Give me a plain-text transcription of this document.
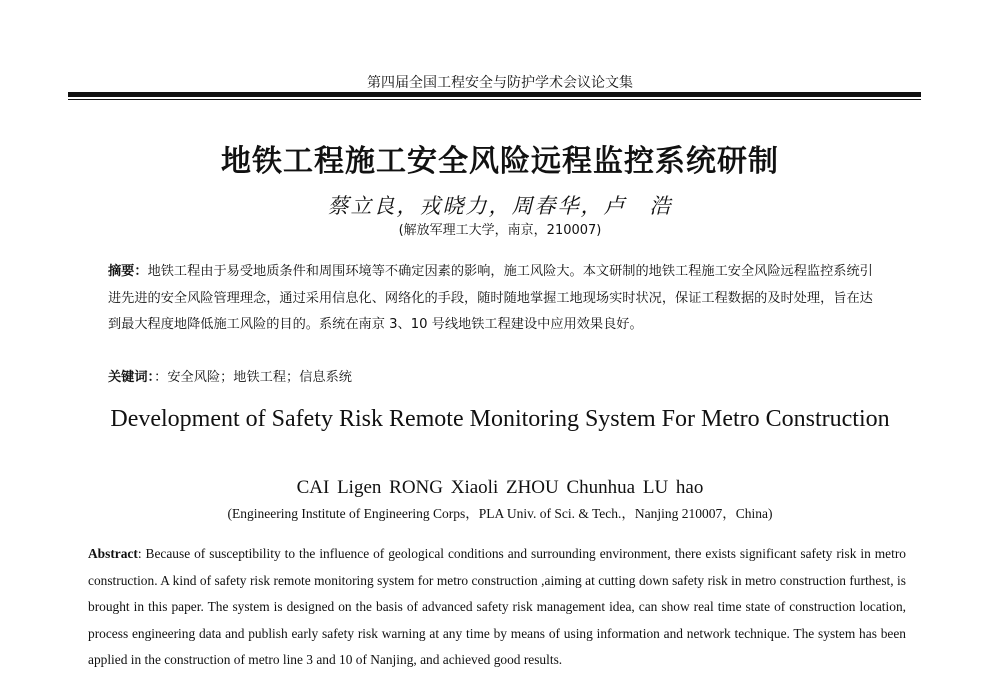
第四届全国工程安全与防护学术会议论文集
地铁工程施工安全风险远程监控系统研制
蔡立良，戎晓力，周春华，卢　浩
(解放军理工大学，南京，210007)
摘要：地铁工程由于易受地质条件和周围环境等不确定因素的影响，施工风险大。本文研制的地铁工程施工安全风险远程监控系统引进先进的安全风险管理理念，通过采用信息化、网络化的手段，随时随地掌握工地现场实时状况，保证工程数据的及时处理，旨在达到最大程度地降低施工风险的目的。系统在南京 3、10 号线地铁工程建设中应用效果良好。
关键词：：安全风险；地铁工程；信息系统
Development of Safety Risk Remote Monitoring System For Metro Construction
CAI Ligen RONG Xiaoli ZHOU Chunhua LU hao
(Engineering Institute of Engineering Corps，PLA Univ. of Sci. & Tech.，Nanjing 210007，China)
Abstract: Because of susceptibility to the influence of geological conditions and surrounding environment, there exists significant safety risk in metro construction. A kind of safety risk remote monitoring system for metro construction ,aiming at cutting down safety risk in metro construction furthest, is brought in this paper. The system is designed on the basis of advanced safety risk management idea, can show real time state of construction location, process engineering data and publish early safety risk warning at any time by means of using information and network technique. The system has been applied in the construction of metro line 3 and 10 of Nanjing, and achieved good results.
